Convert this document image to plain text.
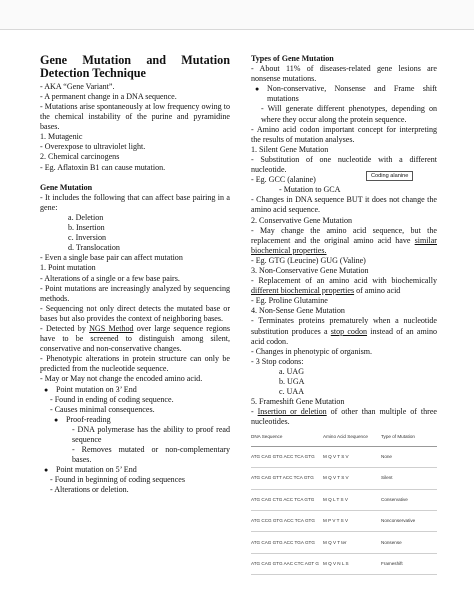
Gene Mutation and Mutation Detection Technique

- AKA “Gene Variant”.

- A permanent change in a DNA sequence.

- Mutations arise spontaneously at low frequency owing to the chemical instability of the purine and pyramidine bases.

1. Mutagenic

- Overexpose to ultraviolet light.

2. Chemical carcinogens

- Eg. Aflatoxin B1 can cause mutation.

Gene Mutation

- It includes the following that can affect base pairing in a gene:

a. Deletion

b. Insertion

c. Inversion

d. Translocation

- Even a single base pair can affect mutation

1. Point mutation

- Alterations of a single or a few base pairs.

- Point mutations are increasingly analyzed by sequencing methods.

- Sequencing not only direct detects the mutated base or bases but also provides the context of neighboring bases.

- Detected by NGS Method over large sequence regions have to be screened to distinguish among silent, conservative and non-conservative changes.

- Phenotypic alterations in protein structure can only be predicted from the nucleotide sequence.

- May or May not change the encoded amino acid.

● Point mutation on 3’ End

- Found in ending of coding sequence.

- Causes minimal consequences.

● Proof-reading

- DNA polymerase has the ability to proof read sequence

- Removes mutated or non-complementary bases.

● Point mutation on 5’ End

- Found in beginning of coding sequences

- Alterations or deletion.

Types of Gene Mutation

- About 11% of diseases-related gene lesions are nonsense mutations.

● Non-conservative, Nonsense and Frame shift mutations

- Will generate different phenotypes, depending on where they occur along the protein sequence.

- Amino acid codon important concept for interpreting the results of mutation analyses.

1. Silent Gene Mutation

- Substitution of one nucleotide with a different nucleotide.

- Eg. GCC (alanine)	Coding alanine

- Mutation to GCA

- Changes in DNA sequence BUT it does not change the amino acid sequence.

2. Conservative Gene Mutation

- May change the amino acid sequence, but the replacement and the original amino acid have similar biochemical properties.

- Eg. GTG (Leucine) GUG (Valine)

3. Non-Conservative Gene Mutation

- Replacement of an amino acid with biochemically different biochemical properties of amino acid

- Eg. Proline Glutamine

4. Non-Sense Gene Mutation

- Terminates proteins prematurely when a nucleotide substitution produces a stop codon instead of an amino acid codon.

- Changes in phenotypic of organism.

- 3 Stop codons:

a. UAG

b. UGA

c. UAA

5. Frameshift Gene Mutation

- Insertion or deletion of other than multiple of three nucleotides.

DNA Sequence	Amino Acid Sequence	Type of Mutation
ATG CAG GTG ACC TCA GTG	M Q V T S V	None
ATG CAG GTT ACC TCA GTG	M Q V T S V	Silent
ATG CAG CTG ACC TCA GTG	M Q L T S V	Conservative
ATG CCG GTG ACC TCA GTG	M P V T S V	Nonconservative
ATG CAG GTG ACC TGA GTG	M Q V T ter	Nonsense
ATG CAG GTG AAC CTC AGT G	M Q V N L S	Frameshift
